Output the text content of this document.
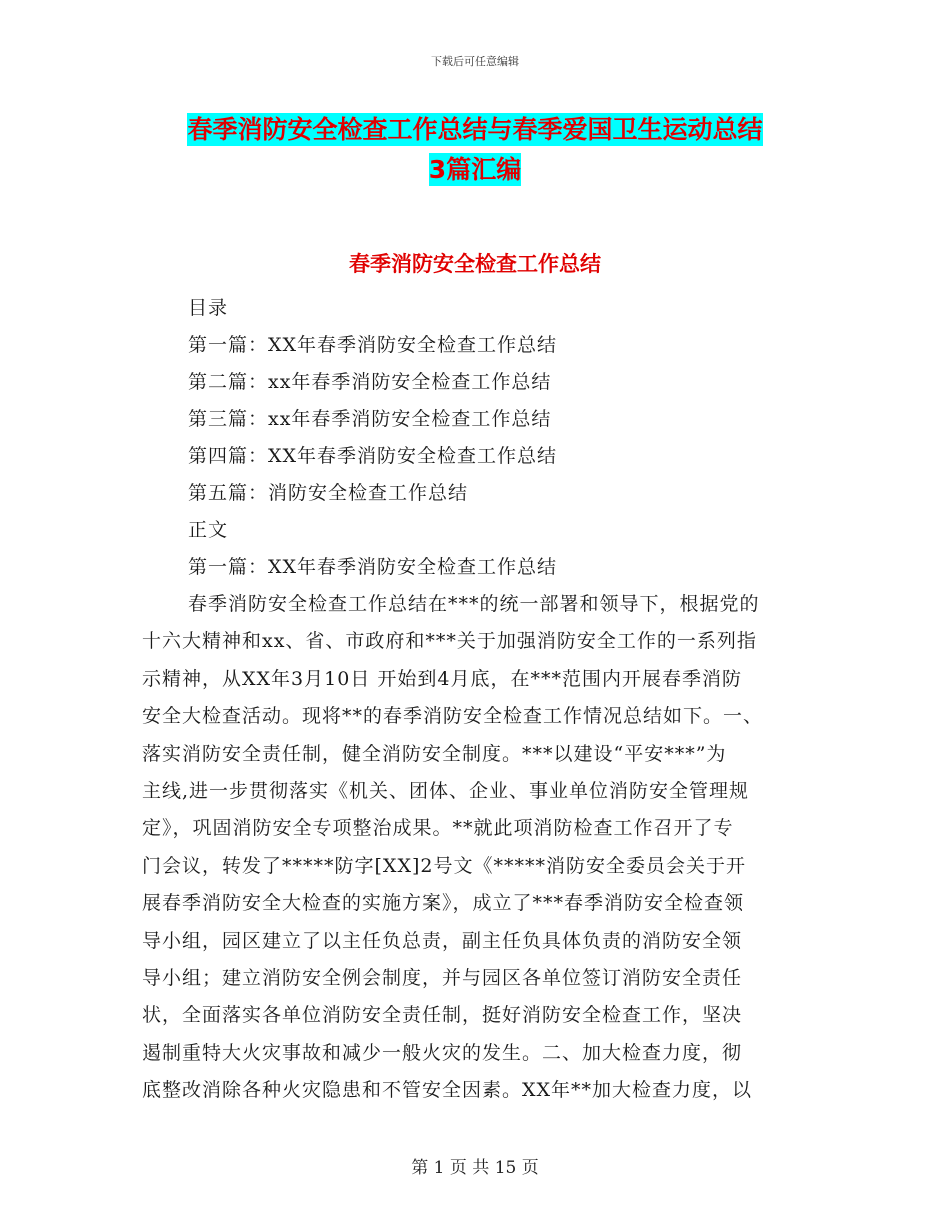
下载后可任意编辑
春季消防安全检查工作总结与春季爱国卫生运动总结
3篇汇编
春季消防安全检查工作总结
目录
第一篇：XX年春季消防安全检查工作总结
第二篇：xx年春季消防安全检查工作总结
第三篇：xx年春季消防安全检查工作总结
第四篇：XX年春季消防安全检查工作总结
第五篇：消防安全检查工作总结
正文
第一篇：XX年春季消防安全检查工作总结
春季消防安全检查工作总结在***的统一部署和领导下，根据党的
十六大精神和xx、省、市政府和***关于加强消防安全工作的一系列指
示精神，从XX年3月10日 开始到4月底，在***范围内开展春季消防
安全大检查活动。现将**的春季消防安全检查工作情况总结如下。一、
落实消防安全责任制，健全消防安全制度。***以建设“平安***”为
主线,进一步贯彻落实《机关、团体、企业、事业单位消防安全管理规
定》，巩固消防安全专项整治成果。**就此项消防检查工作召开了专
门会议，转发了*****防字[XX]2号文《*****消防安全委员会关于开
展春季消防安全大检查的实施方案》，成立了***春季消防安全检查领
导小组，园区建立了以主任负总责，副主任负具体负责的消防安全领
导小组；建立消防安全例会制度，并与园区各单位签订消防安全责任
状，全面落实各单位消防安全责任制，挺好消防安全检查工作，坚决
遏制重特大火灾事故和减少一般火灾的发生。二、加大检查力度，彻
底整改消除各种火灾隐患和不管安全因素。XX年**加大检查力度，以
第 1 页 共 15 页
